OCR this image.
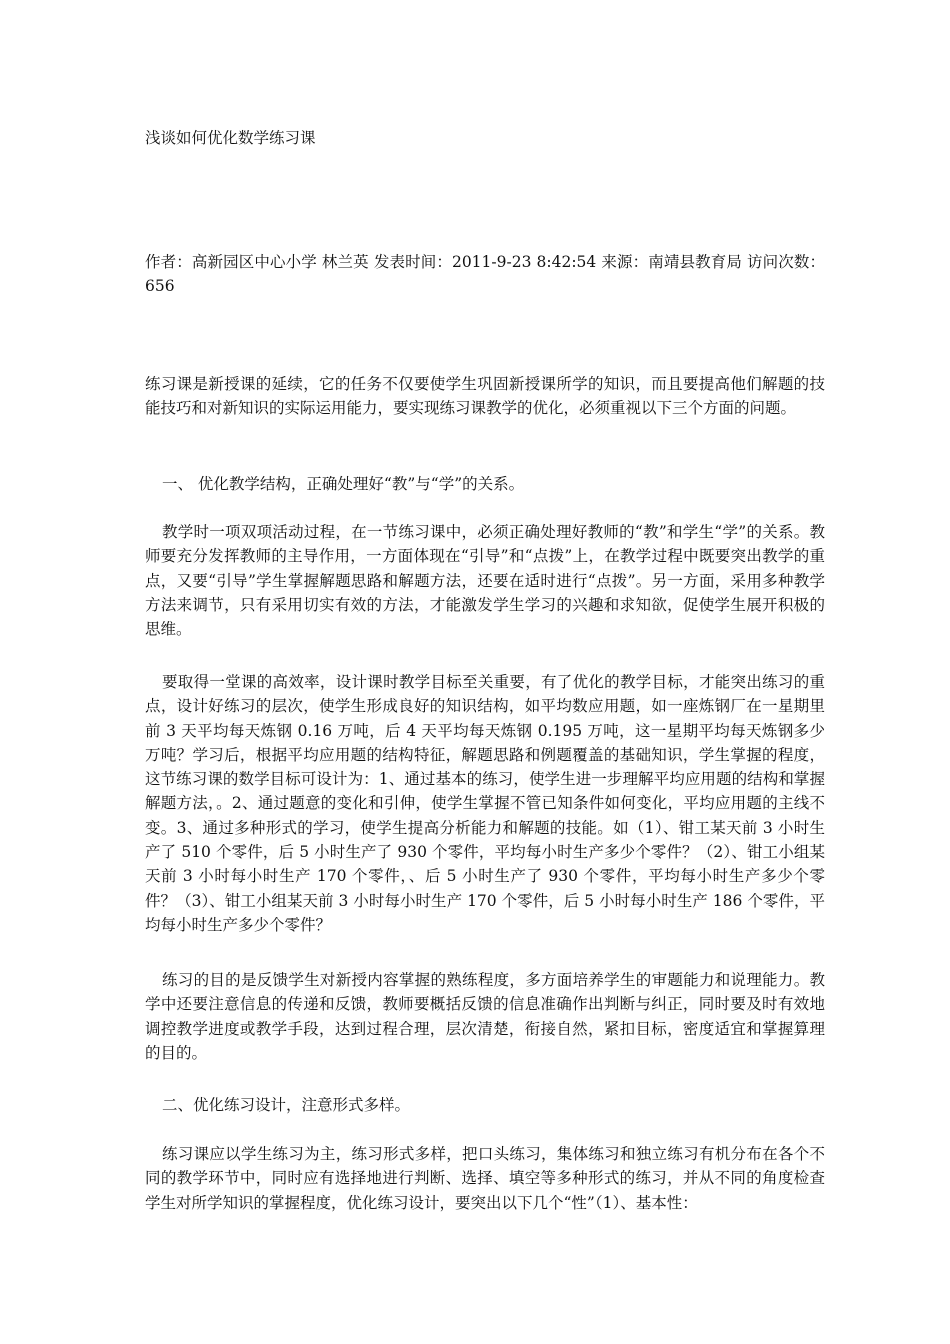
浅谈如何优化数学练习课

作者：高新园区中心小学 林兰英 发表时间：2011-9-23 8:42:54 来源：南靖县教育局 访问次数：656

练习课是新授课的延续，它的任务不仅要使学生巩固新授课所学的知识，而且要提高他们解题的技能技巧和对新知识的实际运用能力，要实现练习课教学的优化，必须重视以下三个方面的问题。

一、 优化教学结构，正确处理好“教”与“学”的关系。

教学时一项双项活动过程，在一节练习课中，必须正确处理好教师的“教”和学生“学”的关系。教师要充分发挥教师的主导作用，一方面体现在“引导”和“点拨”上，在教学过程中既要突出教学的重点，又要“引导”学生掌握解题思路和解题方法，还要在适时进行“点拨”。另一方面，采用多种教学方法来调节，只有采用切实有效的方法，才能激发学生学习的兴趣和求知欲，促使学生展开积极的思维。

要取得一堂课的高效率，设计课时教学目标至关重要，有了优化的教学目标，才能突出练习的重点，设计好练习的层次，使学生形成良好的知识结构，如平均数应用题，如一座炼钢厂在一星期里前 3 天平均每天炼钢 0.16 万吨，后 4 天平均每天炼钢 0.195 万吨，这一星期平均每天炼钢多少万吨？学习后，根据平均应用题的结构特征，解题思路和例题覆盖的基础知识，学生掌握的程度，这节练习课的数学目标可设计为：1、通过基本的练习，使学生进一步理解平均应用题的结构和掌握解题方法，。2、通过题意的变化和引伸，使学生掌握不管已知条件如何变化，平均应用题的主线不变。3、通过多种形式的学习，使学生提高分析能力和解题的技能。如（1）、钳工某天前 3 小时生产了 510 个零件，后 5 小时生产了 930 个零件，平均每小时生产多少个零件？（2）、钳工小组某天前 3 小时每小时生产 170 个零件，、后 5 小时生产了 930 个零件，平均每小时生产多少个零件？（3）、钳工小组某天前 3 小时每小时生产 170 个零件，后 5 小时每小时生产 186 个零件，平均每小时生产多少个零件？

练习的目的是反馈学生对新授内容掌握的熟练程度，多方面培养学生的审题能力和说理能力。教学中还要注意信息的传递和反馈，教师要概括反馈的信息准确作出判断与纠正，同时要及时有效地调控教学进度或教学手段，达到过程合理，层次清楚，衔接自然，紧扣目标，密度适宜和掌握算理的目的。

二、优化练习设计，注意形式多样。

练习课应以学生练习为主，练习形式多样，把口头练习，集体练习和独立练习有机分布在各个不同的教学环节中，同时应有选择地进行判断、选择、填空等多种形式的练习，并从不同的角度检查学生对所学知识的掌握程度，优化练习设计，要突出以下几个“性”（1）、基本性：
